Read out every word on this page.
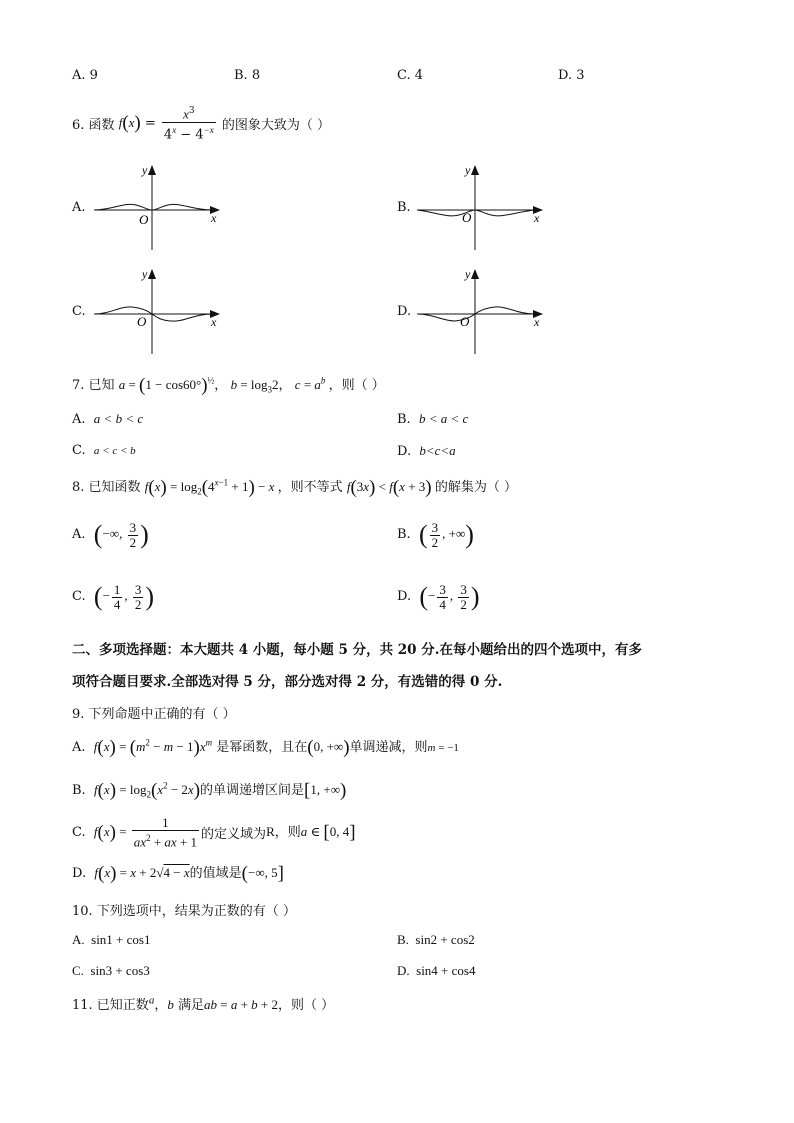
A. 9	B. 8	C. 4	D. 3
6. 函数 $f(x) = \frac{x^3}{4^x - 4^{-x}}$ 的图象大致为（ ）
A.
y
O	x
B.
y
O	x
C.
y
O	x
D.
y
O	x
7. 已知 $a = (1 - \cos 60^\circ)^{\frac{1}{2}}$， $b = \log_32$， $c = a^b$ ，则（ ）
A. a < b < c	B. b < a < c
C. a < c < b	D. b<c<a
8. 已知函数 $f(x) = \log_2(4^{x-1} + 1) - x$ ，则不等式 f(3x) < f(x + 3) 的解集为（ ）
A. (−∞, $\frac{3}{2}$ )	B. ( $\frac{3}{2}$ , +∞)
C. (− $\frac{1}{4}$ , $\frac{3}{2}$ )	D. (− $\frac{3}{4}$ , $\frac{3}{2}$ )
二、多项选择题：本大题共 4 小题，每小题 5 分，共 20 分.在每小题给出的四个选项中，有多
项符合题目要求.全部选对得 5 分，部分选对得 2 分，有选错的得 0 分.
9. 下列命题中正确的有（ ）
A. $f(x) = (m^2 - m - 1)x^m$ 是幂函数，且在(0, +∞)单调递减，则m = −1
B. $f(x) = \log_2(x^2 - 2x)$的单调递增区间是[1, +∞)
C. $f(x) = \frac{1}{ax^2 + ax + 1}$ 的定义域为R，则a ∈ [0, 4]
D. f(x) = x + 2√4 − x的值域是(−∞, 5]
10. 下列选项中，结果为正数的有（ ）
A. sin1 + cos1	B. sin2 + cos2
C. sin3 + cos3	D. sin4 + cos4
11. 已知正数$^a$，b 满足ab = a + b + 2，则（ ）
